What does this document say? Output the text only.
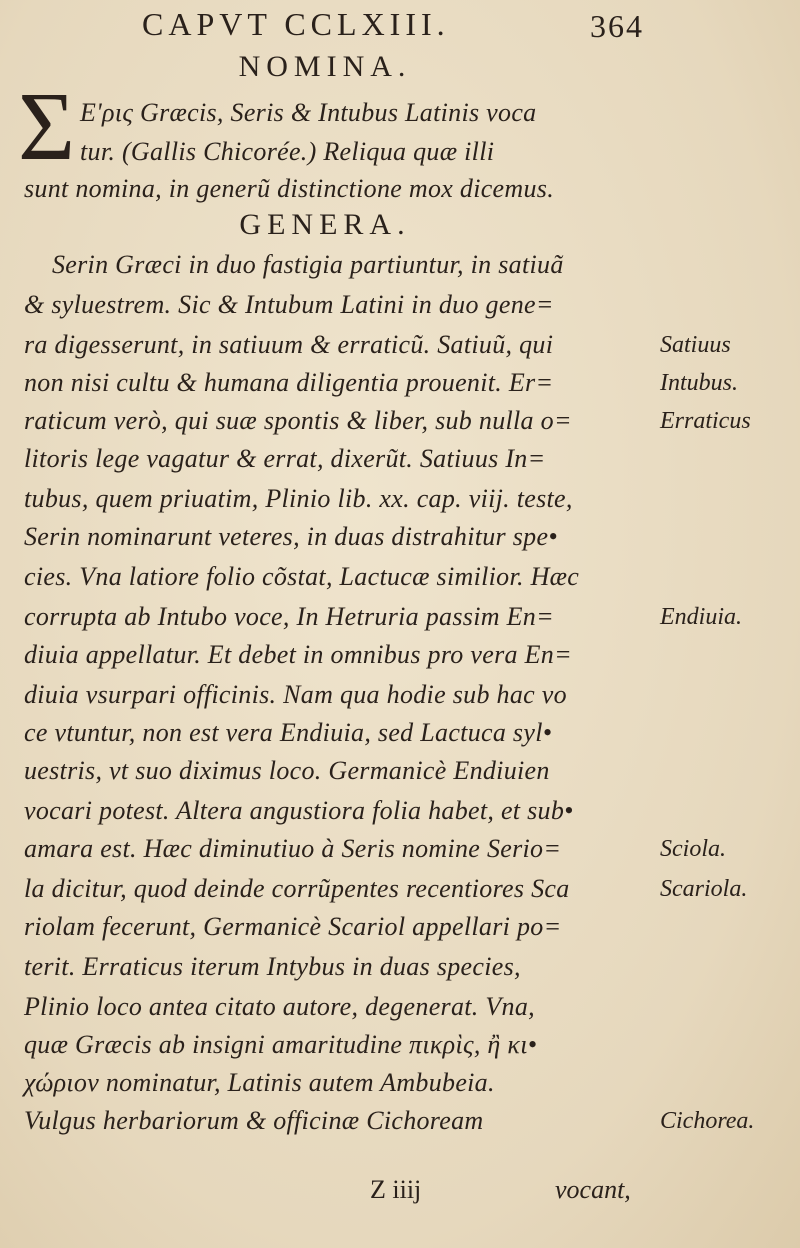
CAPVT CCLXIII.	364
NOMINA.
Σ E'ρις Græcis, Seris & Intubus Latinis voca
tur. (Gallis Chicorée.) Reliqua quæ illi
sunt nomina, in generũ distinctione mox dicemus.
GENERA.
Serin Græci in duo fastigia partiuntur, in satiuã
& syluestrem. Sic & Intubum Latini in duo gene=
ra digesserunt, in satiuum & erraticũ. Satiuũ, qui
non nisi cultu & humana diligentia prouenit. Er=
raticum verò, qui suæ spontis & liber, sub nulla o=
litoris lege vagatur & errat, dixerũt. Satiuus In=
tubus, quem priuatim, Plinio lib. xx. cap. viij. teste,
Serin nominarunt veteres, in duas distrahitur spe•
cies. Vna latiore folio cõstat, Lactucæ similior. Hæc
corrupta ab Intubo voce, In Hetruria passim En=
diuia appellatur. Et debet in omnibus pro vera En=
diuia vsurpari officinis. Nam qua hodie sub hac vo
ce vtuntur, non est vera Endiuia, sed Lactuca syl•
uestris, vt suo diximus loco. Germanicè Endiuien
vocari potest. Altera angustiora folia habet, et sub•
amara est. Hæc diminutiuo à Seris nomine Serio=
la dicitur, quod deinde corrũpentes recentiores Sca
riolam fecerunt, Germanicè Scariol appellari po=
terit. Erraticus iterum Intybus in duas species,
Plinio loco antea citato autore, degenerat. Vna,
quæ Græcis ab insigni amaritudine πικρὶς, ἢ κι•
χώριον nominatur, Latinis autem Ambubeia.
Vulgus herbariorum & officinæ Cichoream
Satiuus
Intubus.
Erraticus
Endiuia.
Sciola.
Scariola.
Cichorea.
Z iiij	vocant,
